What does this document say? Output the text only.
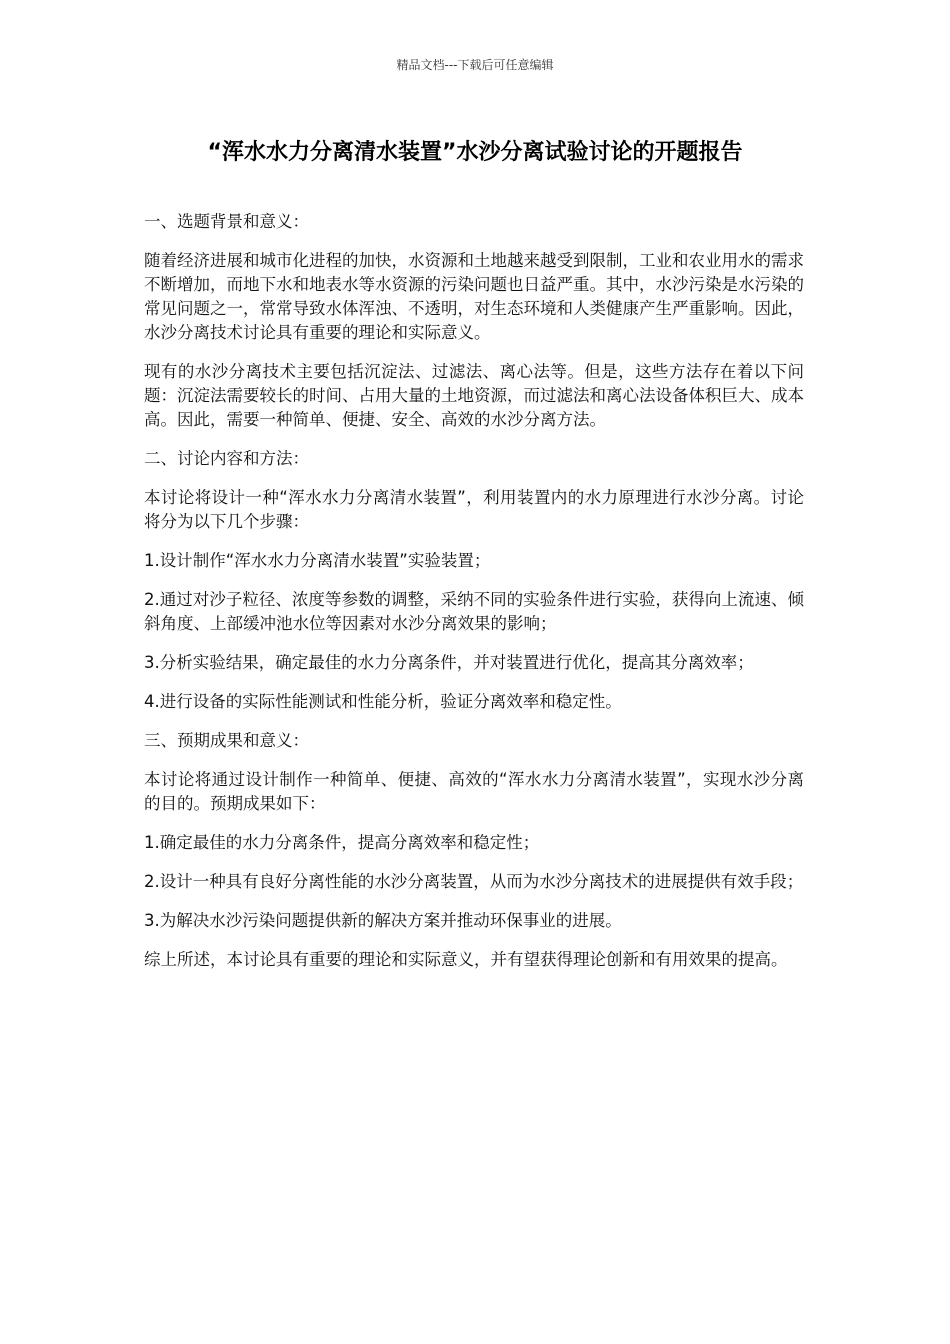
精品文档---下载后可任意编辑
“浑水水力分离清水装置”水沙分离试验讨论的开题报告

一、选题背景和意义：

随着经济进展和城市化进程的加快，水资源和土地越来越受到限制，工业和农业用水的需求不断增加，而地下水和地表水等水资源的污染问题也日益严重。其中，水沙污染是水污染的常见问题之一，常常导致水体浑浊、不透明，对生态环境和人类健康产生严重影响。因此，水沙分离技术讨论具有重要的理论和实际意义。

现有的水沙分离技术主要包括沉淀法、过滤法、离心法等。但是，这些方法存在着以下问题：沉淀法需要较长的时间、占用大量的土地资源，而过滤法和离心法设备体积巨大、成本高。因此，需要一种简单、便捷、安全、高效的水沙分离方法。

二、讨论内容和方法：

本讨论将设计一种“浑水水力分离清水装置”，利用装置内的水力原理进行水沙分离。讨论将分为以下几个步骤：

1.设计制作“浑水水力分离清水装置”实验装置；

2.通过对沙子粒径、浓度等参数的调整，采纳不同的实验条件进行实验，获得向上流速、倾斜角度、上部缓冲池水位等因素对水沙分离效果的影响；

3.分析实验结果，确定最佳的水力分离条件，并对装置进行优化，提高其分离效率；

4.进行设备的实际性能测试和性能分析，验证分离效率和稳定性。

三、预期成果和意义：

本讨论将通过设计制作一种简单、便捷、高效的“浑水水力分离清水装置”，实现水沙分离的目的。预期成果如下：

1.确定最佳的水力分离条件，提高分离效率和稳定性；

2.设计一种具有良好分离性能的水沙分离装置，从而为水沙分离技术的进展提供有效手段；

3.为解决水沙污染问题提供新的解决方案并推动环保事业的进展。

综上所述，本讨论具有重要的理论和实际意义，并有望获得理论创新和有用效果的提高。
